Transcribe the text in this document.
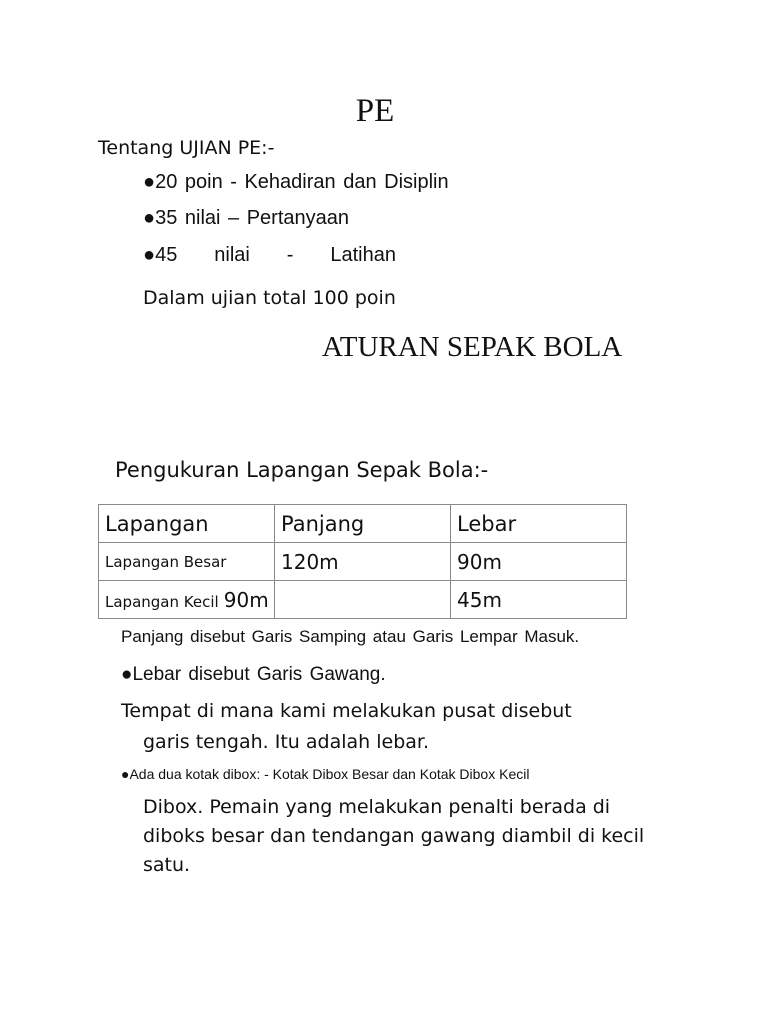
PE
Tentang UJIAN PE:-
●20 poin - Kehadiran dan Disiplin
●35 nilai – Pertanyaan
●45 nilai - Latihan
Dalam ujian total 100 poin
ATURAN SEPAK BOLA
Pengukuran Lapangan Sepak Bola:-
Lapangan	Panjang	Lebar
Lapangan Besar	120m	90m
Lapangan Kecil 90m		45m
Panjang disebut Garis Samping atau Garis Lempar Masuk.
●Lebar disebut Garis Gawang.
Tempat di mana kami melakukan pusat disebut
garis tengah. Itu adalah lebar.
●Ada dua kotak dibox: - Kotak Dibox Besar dan Kotak Dibox Kecil
Dibox. Pemain yang melakukan penalti berada di
diboks besar dan tendangan gawang diambil di kecil
satu.
